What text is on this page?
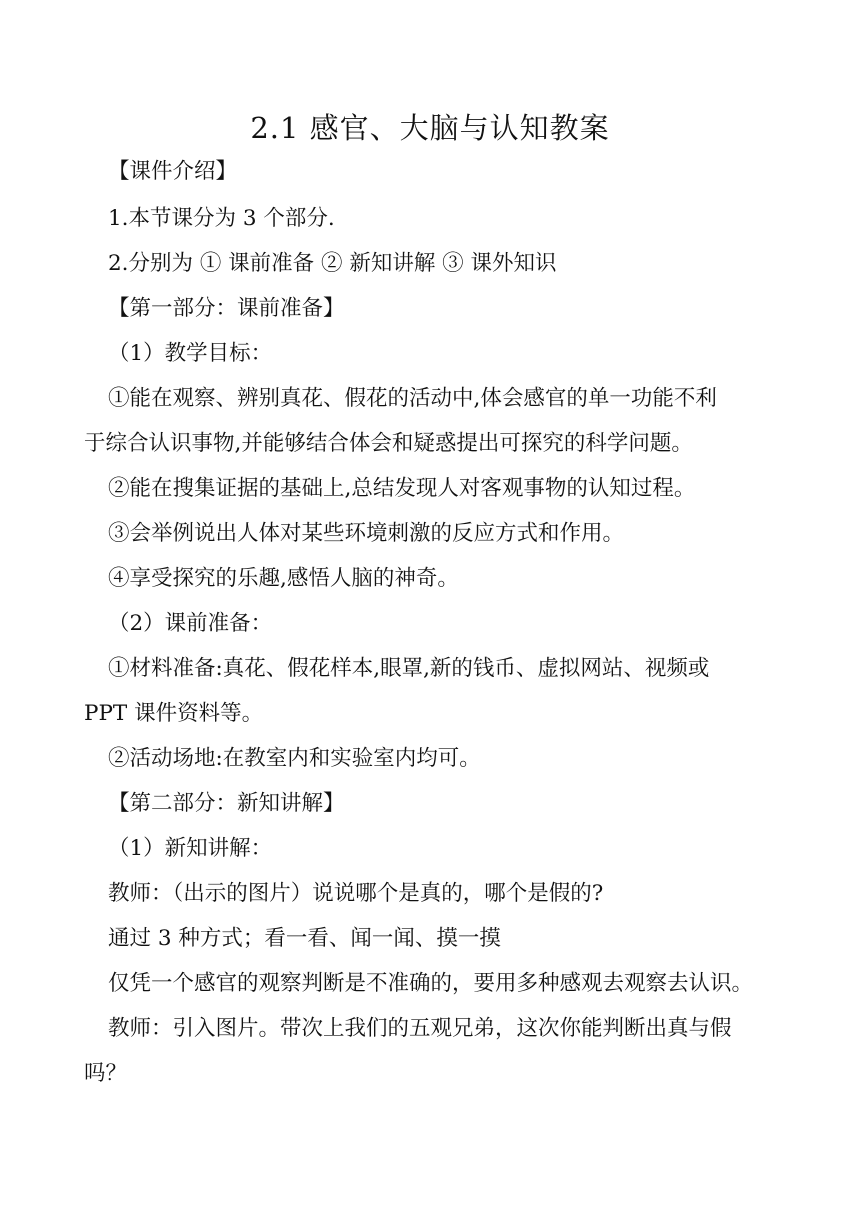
2.1 感官、大脑与认知教案
【课件介绍】
1.本节课分为 3 个部分.
2.分别为 ① 课前准备 ② 新知讲解 ③ 课外知识
【第一部分：课前准备】
（1）教学目标：
①能在观察、辨别真花、假花的活动中,体会感官的单一功能不利
于综合认识事物,并能够结合体会和疑惑提出可探究的科学问题。
②能在搜集证据的基础上,总结发现人对客观事物的认知过程。
③会举例说出人体对某些环境刺激的反应方式和作用。
④享受探究的乐趣,感悟人脑的神奇。
（2）课前准备：
①材料准备:真花、假花样本,眼罩,新的钱币、虚拟网站、视频或
PPT 课件资料等。
②活动场地:在教室内和实验室内均可。
【第二部分：新知讲解】
（1）新知讲解：
教师：（出示的图片）说说哪个是真的，哪个是假的?
通过 3 种方式；看一看、闻一闻、摸一摸
仅凭一个感官的观察判断是不准确的，要用多种感观去观察去认识。
教师：引入图片。带次上我们的五观兄弟，这次你能判断出真与假
吗？
